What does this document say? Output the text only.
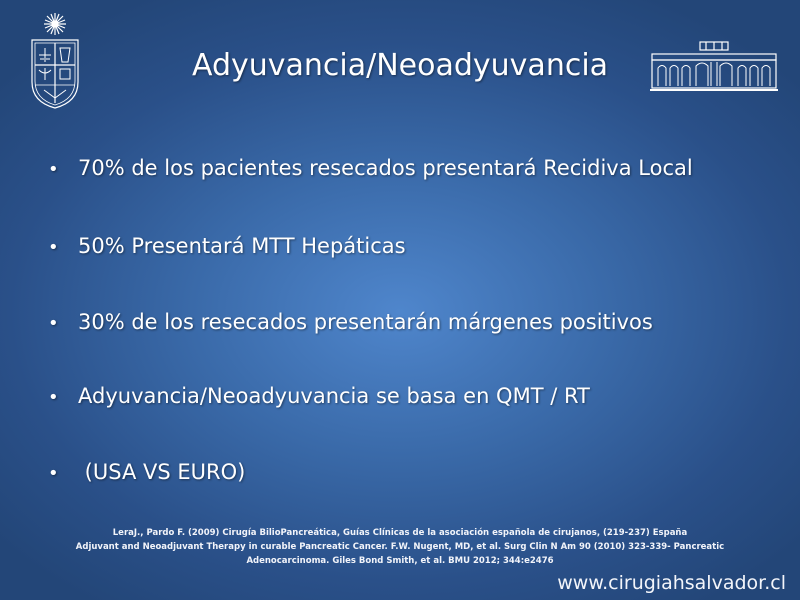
Adyuvancia/Neoadyuvancia
• 70% de los pacientes resecados presentará Recidiva Local
• 50% Presentará MTT Hepáticas
• 30% de los resecados presentarán márgenes positivos
• Adyuvancia/Neoadyuvancia se basa en QMT / RT
• (USA VS EURO)
LeraJ., Pardo F. (2009) Cirugía BilioPancreática, Guías Clínicas de la asociación española de cirujanos, (219-237) España
Adjuvant and Neoadjuvant Therapy in curable Pancreatic Cancer. F.W. Nugent, MD, et al. Surg Clin N Am 90 (2010) 323-339- Pancreatic
Adenocarcinoma. Giles Bond Smith, et al. BMU 2012; 344:e2476
www.cirugiahsalvador.cl
